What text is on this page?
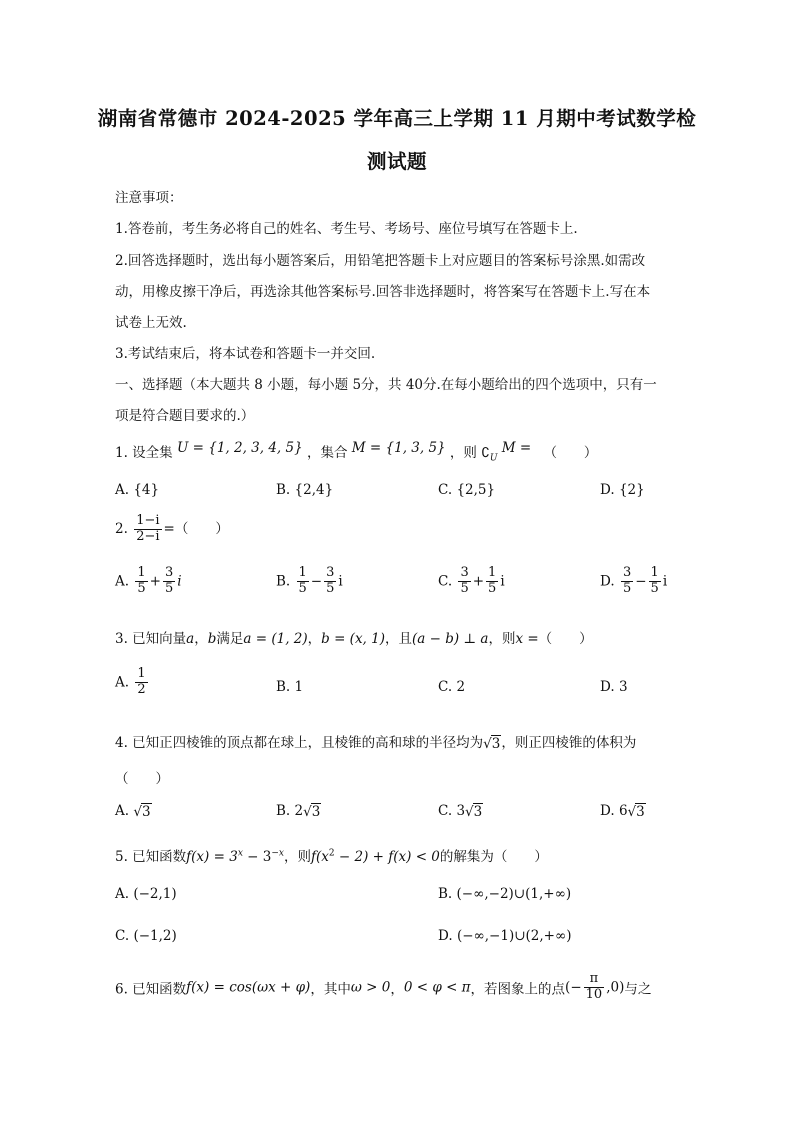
湖南省常德市 2024-2025 学年高三上学期 11 月期中考试数学检
测试题
注意事项：
1.答卷前，考生务必将自己的姓名、考生号、考场号、座位号填写在答题卡上.
2.回答选择题时，选出每小题答案后，用铅笔把答题卡上对应题目的答案标号涂黑.如需改
动，用橡皮擦干净后，再选涂其他答案标号.回答非选择题时，将答案写在答题卡上.写在本
试卷上无效.
3.考试结束后，将本试卷和答题卡一并交回.
一、选择题（本大题共 8 小题，每小题 5分，共 40分.在每小题给出的四个选项中，只有一
项是符合题目要求的.）
1. 设全集 U = {1, 2, 3, 4, 5} ，集合 M = {1, 3, 5} ，则 $∁_U$ M = （　　）
A. {4}	B. {2,4}	C. {2,5}	D. {2}
2. $\frac{1-i}{2-i}$ =（　　）
A. $\frac{1}{5} + \frac{3}{5}$ i	B. $\frac{1}{5} - \frac{3}{5}$ i	C. $\frac{3}{5} + \frac{1}{5}$ i	D. $\frac{3}{5} - \frac{1}{5}$ i
3. 已知向量a，b满足a = (1, 2)，b = (x, 1)，且(a − b) ⊥ a，则x =（　　）
A. $\frac{1}{2}$	B. 1	C. 2	D. 3
4. 已知正四棱锥的顶点都在球上，且棱锥的高和球的半径均为√3，则正四棱锥的体积为
（　　）
A. √3	B. 2√3	C. 3√3	D. 6√3
5. 已知函数$f(x) = 3^x - 3^{-x}$，则$f(x^2 - 2) + f(x) < 0$的解集为（　　）
A. (−2,1)	B. (−∞,−2)∪(1,+∞)
C. (−1,2)	D. (−∞,−1)∪(2,+∞)
6. 已知函数f(x) = cos(ωx + φ)，其中ω > 0，0 < φ < π，若图象上的点(− $\frac{\pi}{10} ,0$)与之
